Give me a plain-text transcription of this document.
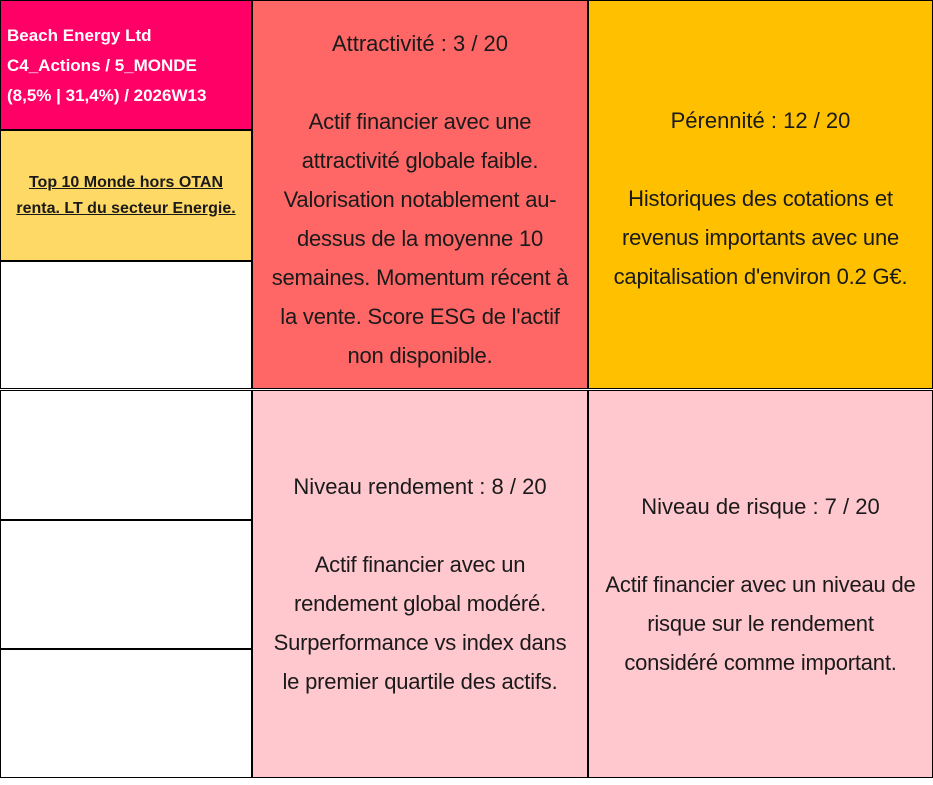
Beach Energy Ltd
C4_Actions / 5_MONDE
(8,5% | 31,4%) / 2026W13
Top 10 Monde hors OTAN
renta. LT du secteur Energie.
Attractivité : 3 / 20
Actif financier avec une
attractivité globale faible.
Valorisation notablement au-
dessus de la moyenne 10
semaines. Momentum récent à
la vente. Score ESG de l'actif
non disponible.
Pérennité : 12 / 20
Historiques des cotations et
revenus importants avec une
capitalisation d'environ 0.2 G€.
Niveau rendement : 8 / 20
Actif financier avec un
rendement global modéré.
Surperformance vs index dans
le premier quartile des actifs.
Niveau de risque : 7 / 20
Actif financier avec un niveau de
risque sur le rendement
considéré comme important.
